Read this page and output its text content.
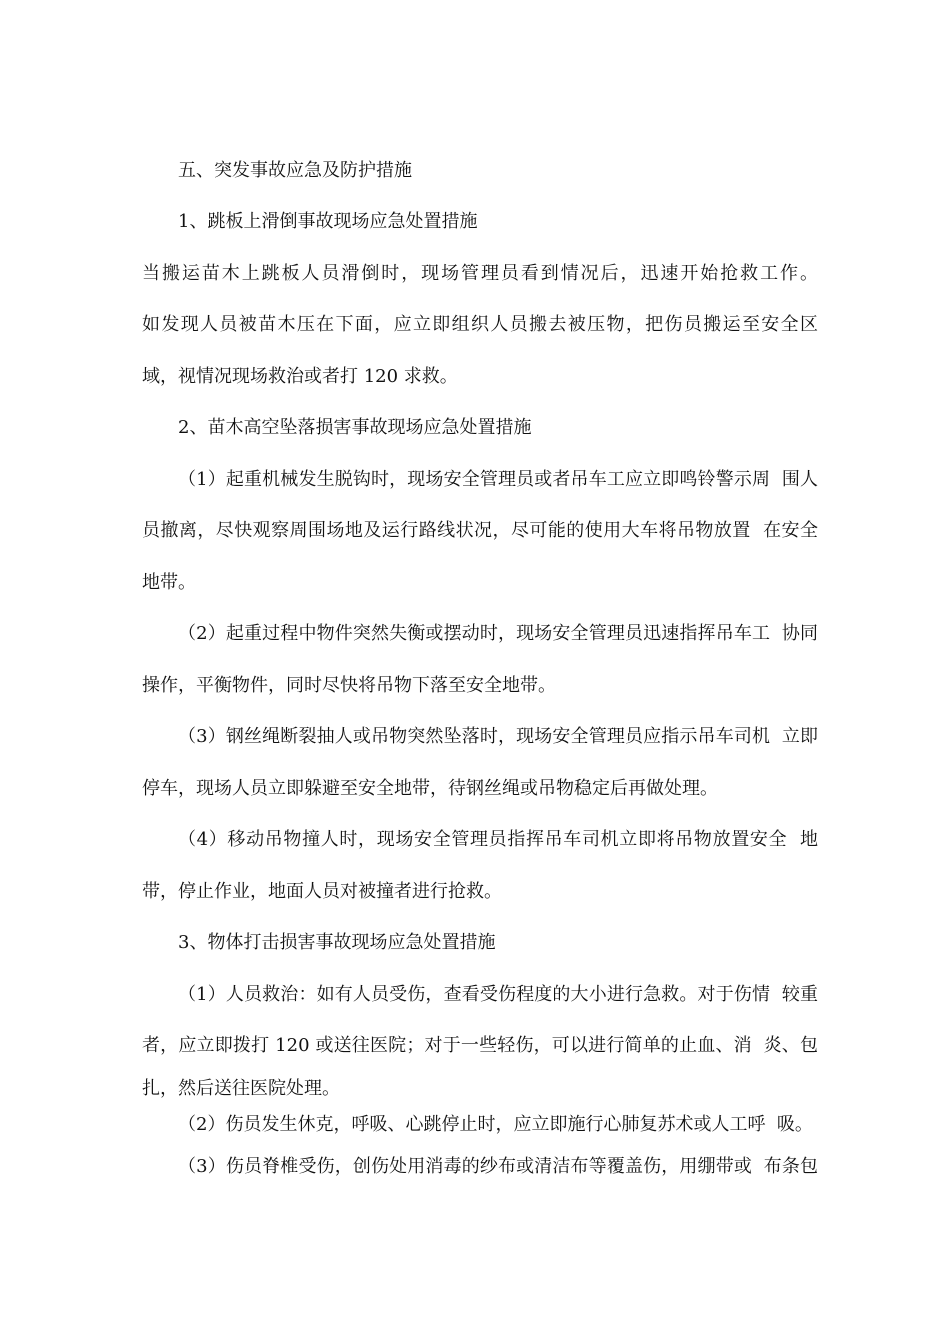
五、突发事故应急及防护措施

1、跳板上滑倒事故现场应急处置措施

当搬运苗木上跳板人员滑倒时，现场管理员看到情况后，迅速开始抢救工作。

如发现人员被苗木压在下面，应立即组织人员搬去被压物，把伤员搬运至安全区

域，视情况现场救治或者打 120 求救。

2、苗木高空坠落损害事故现场应急处置措施

（1）起重机械发生脱钩时，现场安全管理员或者吊车工应立即鸣铃警示周  围人

员撤离，尽快观察周围场地及运行路线状况，尽可能的使用大车将吊物放置  在安全

地带。

（2）起重过程中物件突然失衡或摆动时，现场安全管理员迅速指挥吊车工  协同

操作，平衡物件，同时尽快将吊物下落至安全地带。

（3）钢丝绳断裂抽人或吊物突然坠落时，现场安全管理员应指示吊车司机  立即

停车，现场人员立即躲避至安全地带，待钢丝绳或吊物稳定后再做处理。

（4）移动吊物撞人时，现场安全管理员指挥吊车司机立即将吊物放置安全  地

带，停止作业，地面人员对被撞者进行抢救。

3、物体打击损害事故现场应急处置措施

（1）人员救治：如有人员受伤，查看受伤程度的大小进行急救。对于伤情  较重

者，应立即拨打 120 或送往医院；对于一些轻伤，可以进行简单的止血、消  炎、包

扎，然后送往医院处理。

（2）伤员发生休克，呼吸、心跳停止时，应立即施行心肺复苏术或人工呼  吸。

（3）伤员脊椎受伤，创伤处用消毒的纱布或清洁布等覆盖伤，用绷带或  布条包
